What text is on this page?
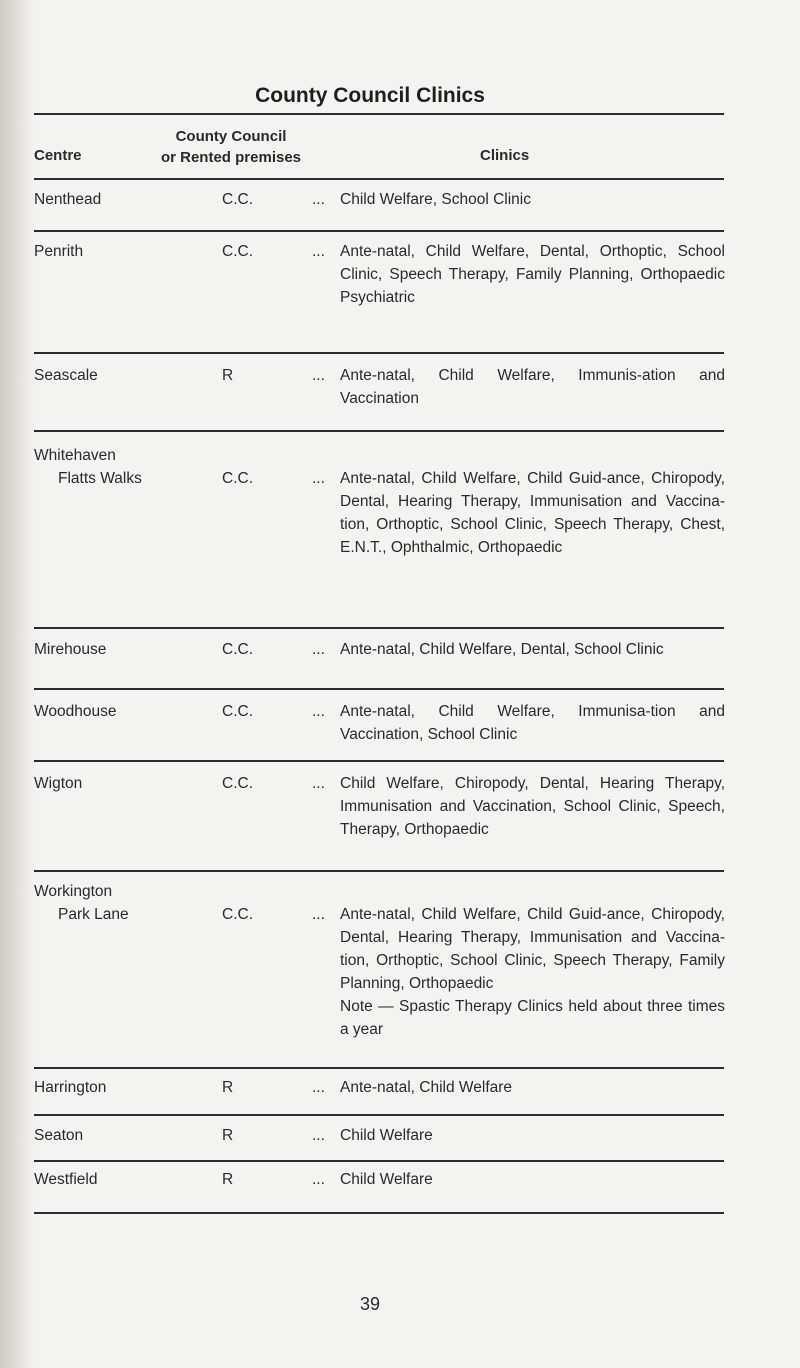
County Council Clinics
Centre
County Council
or Rented premises	Clinics
Nenthead	C.C.	... Child Welfare, School Clinic
Penrith	C.C.	... Ante-natal, Child Welfare, Dental, Orthoptic, School Clinic, Speech Therapy, Family Planning, Orthopaedic Psychiatric
Seascale	R	... Ante-natal, Child Welfare, Immunis-ation and Vaccination
Whitehaven
Flatts Walks	C.C.	... Ante-natal, Child Welfare, Child Guid-ance, Chiropody, Dental, Hearing Therapy, Immunisation and Vaccina-tion, Orthoptic, School Clinic, Speech Therapy, Chest, E.N.T., Ophthalmic, Orthopaedic
Mirehouse	C.C.	... Ante-natal, Child Welfare, Dental, School Clinic
Woodhouse	C.C.	... Ante-natal, Child Welfare, Immunisa-tion and Vaccination, School Clinic
Wigton	C.C.	... Child Welfare, Chiropody, Dental, Hearing Therapy, Immunisation and Vaccination, School Clinic, Speech, Therapy, Orthopaedic
Workington
Park Lane	C.C.	... Ante-natal, Child Welfare, Child Guid-ance, Chiropody, Dental, Hearing Therapy, Immunisation and Vaccina-tion, Orthoptic, School Clinic, Speech Therapy, Family Planning, Orthopaedic
Note — Spastic Therapy Clinics held about three times a year
Harrington	R	... Ante-natal, Child Welfare
Seaton	R	... Child Welfare
Westfield	R	... Child Welfare
39
